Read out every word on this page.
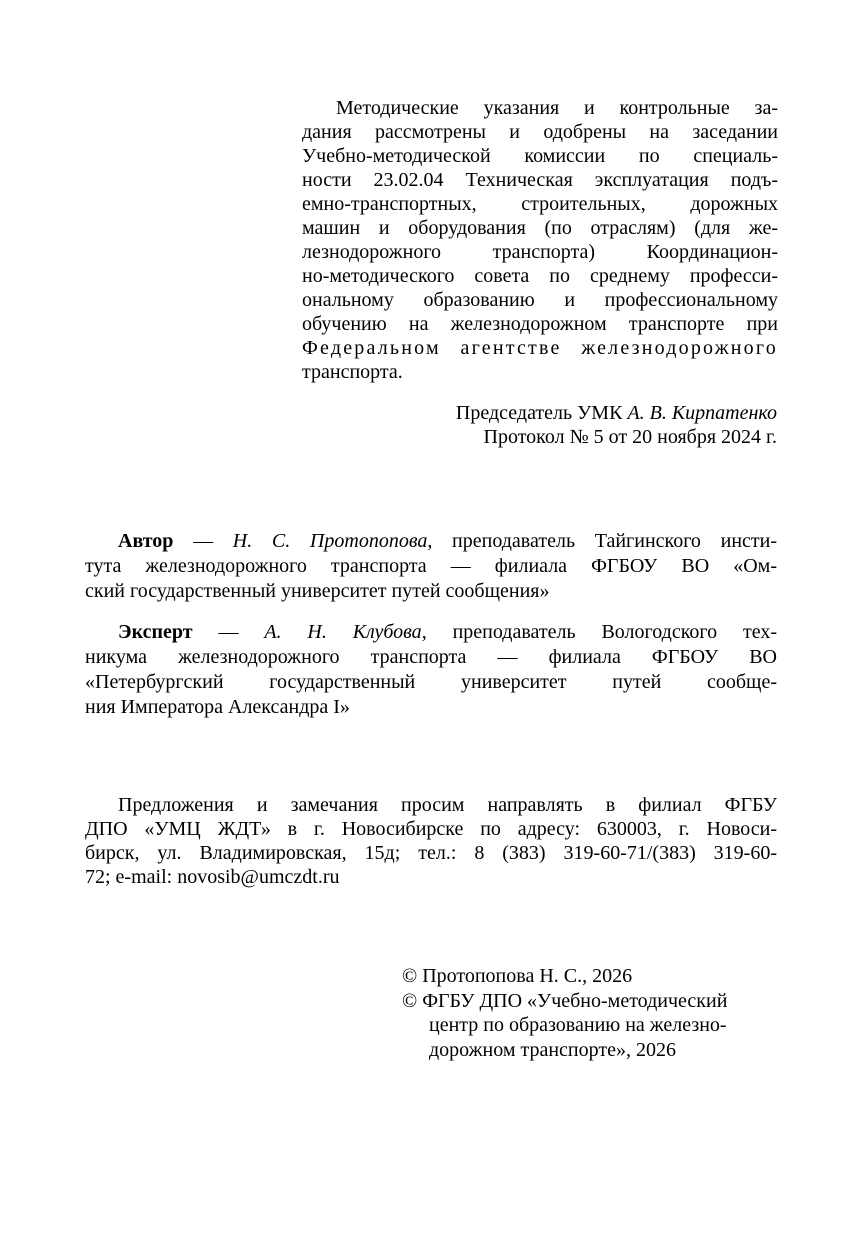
Методические указания и контрольные за-
дания рассмотрены и одобрены на заседании
Учебно-методической комиссии по специаль-
ности 23.02.04 Техническая эксплуатация подъ-
емно-транспортных, строительных, дорожных
машин и оборудования (по отраслям) (для же-
лезнодорожного транспорта) Координацион-
но-методического совета по среднему професси-
ональному образованию и профессиональному
обучению на железнодорожном транспорте при
Федеральном агентстве железнодорожного
транспорта.
Председатель УМК А. В. Кирпатенко
Протокол № 5 от 20 ноября 2024 г.
Автор — Н. С. Протопопова, преподаватель Тайгинского инсти-
тута железнодорожного транспорта — филиала ФГБОУ ВО «Ом-
ский государственный университет путей сообщения»
Эксперт — А. Н. Клубова, преподаватель Вологодского тех-
никума железнодорожного транспорта — филиала ФГБОУ ВО
«Петербургский государственный университет путей сообще-
ния Императора Александра I»
Предложения и замечания просим направлять в филиал ФГБУ
ДПО «УМЦ ЖДТ» в г. Новосибирске по адресу: 630003, г. Новоси-
бирск, ул. Владимировская, 15д; тел.: 8 (383) 319-60-71/(383) 319-60-
72; e-mail: novosib@umczdt.ru
© Протопопова Н. С., 2026
© ФГБУ ДПО «Учебно-методический
центр по образованию на железно-
дорожном транспорте», 2026
